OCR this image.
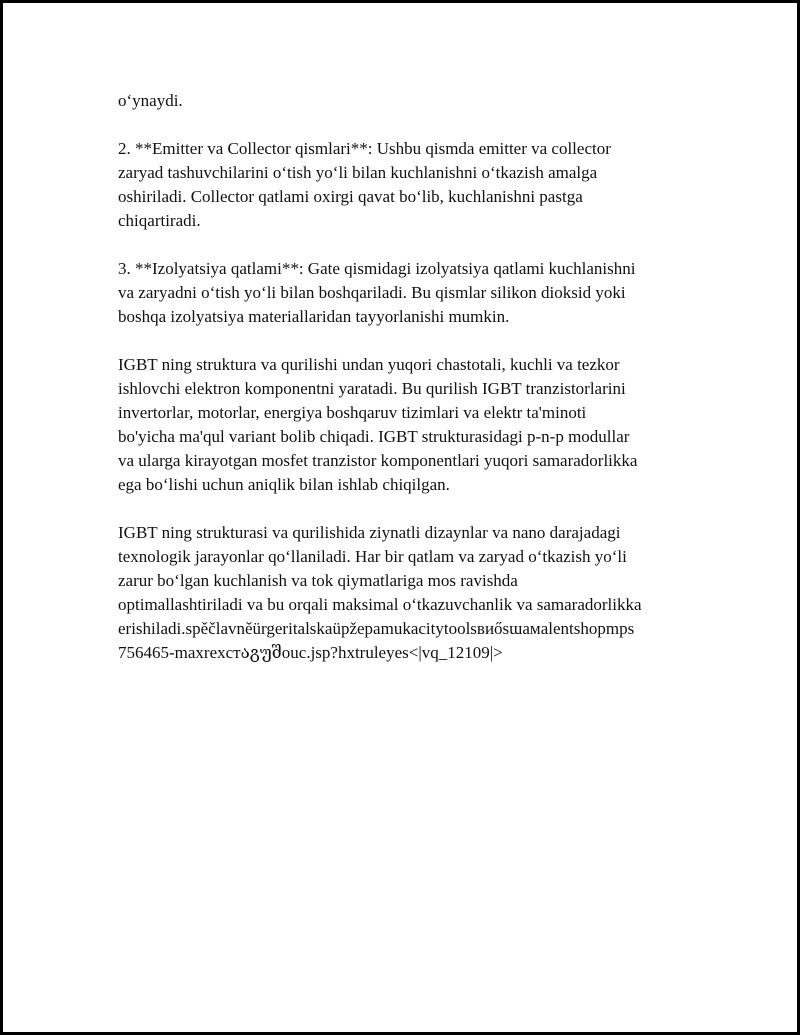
oʻynaydi.
2. **Emitter va Collector qismlari**: Ushbu qismda emitter va collector
zaryad tashuvchilarini oʻtish yoʻli bilan kuchlanishni oʻtkazish amalga
oshiriladi. Collector qatlami oxirgi qavat boʻlib, kuchlanishni pastga
chiqartiradi.
3. **Izolyatsiya qatlami**: Gate qismidagi izolyatsiya qatlami kuchlanishni
va zaryadni oʻtish yoʻli bilan boshqariladi. Bu qismlar silikon dioksid yoki
boshqa izolyatsiya materiallaridan tayyorlanishi mumkin.
IGBT ning struktura va qurilishi undan yuqori chastotali, kuchli va tezkor
ishlovchi elektron komponentni yaratadi. Bu qurilish IGBT tranzistorlarini
invertorlar, motorlar, energiya boshqaruv tizimlari va elektr ta'minoti
bo'yicha ma'qul variant bolib chiqadi. IGBT strukturasidagi p-n-p modullar
va ularga kirayotgan mosfet tranzistor komponentlari yuqori samaradorlikka
ega boʻlishi uchun aniqlik bilan ishlab chiqilgan.
IGBT ning strukturasi va qurilishida ziynatli dizaynlar va nano darajadagi
texnologik jarayonlar qoʻllaniladi. Har bir qatlam va zaryad oʻtkazish yoʻli
zarur boʻlgan kuchlanish va tok qiymatlariga mos ravishda
optimallashtiriladi va bu orqali maksimal oʻtkazuvchanlik va samaradorlikka
erishiladi.spěčlavněürgeritalskaüpžepamukacitytoolsвиősɯамalentshopmps
756465-maxrexстაგუშouc.jsp?hxtruleyes<|vq_12109|>
